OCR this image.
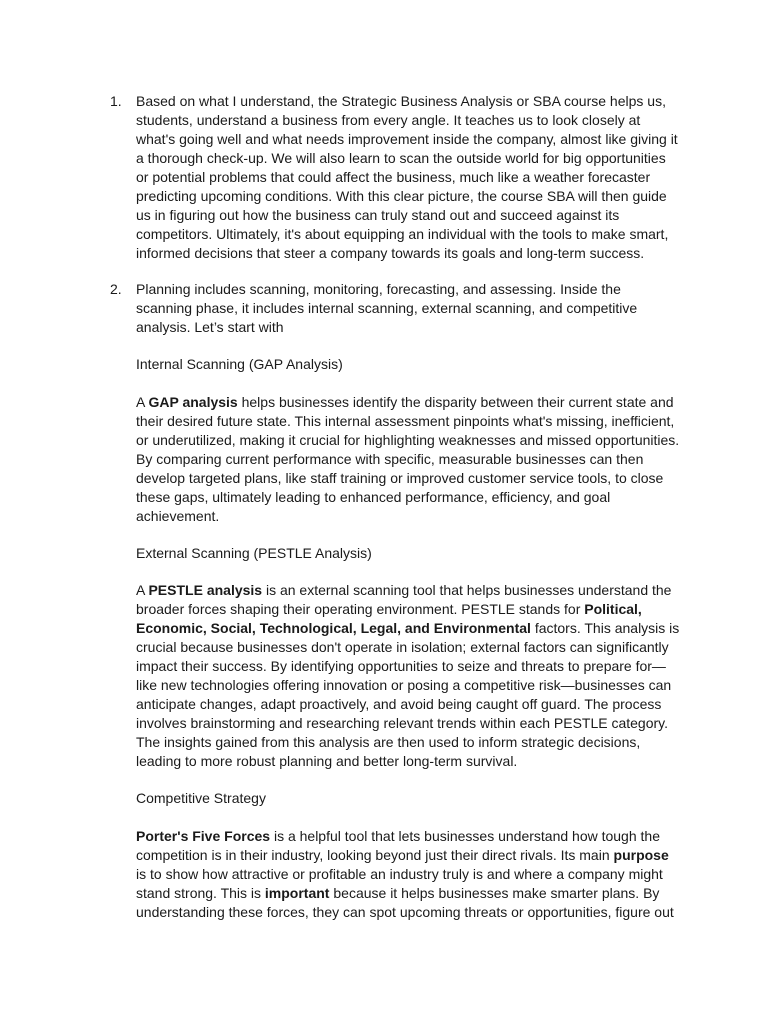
1.	Based on what I understand, the Strategic Business Analysis or SBA course helps us, students, understand a business from every angle. It teaches us to look closely at what's going well and what needs improvement inside the company, almost like giving it a thorough check-up. We will also learn to scan the outside world for big opportunities or potential problems that could affect the business, much like a weather forecaster predicting upcoming conditions. With this clear picture, the course SBA will then guide us in figuring out how the business can truly stand out and succeed against its competitors. Ultimately, it's about equipping an individual with the tools to make smart, informed decisions that steer a company towards its goals and long-term success.
2.	Planning includes scanning, monitoring, forecasting, and assessing. Inside the scanning phase, it includes internal scanning, external scanning, and competitive analysis. Let’s start with

Internal Scanning (GAP Analysis)

A GAP analysis helps businesses identify the disparity between their current state and their desired future state. This internal assessment pinpoints what's missing, inefficient, or underutilized, making it crucial for highlighting weaknesses and missed opportunities. By comparing current performance with specific, measurable businesses can then develop targeted plans, like staff training or improved customer service tools, to close these gaps, ultimately leading to enhanced performance, efficiency, and goal achievement.

External Scanning (PESTLE Analysis)

A PESTLE analysis is an external scanning tool that helps businesses understand the broader forces shaping their operating environment. PESTLE stands for Political, Economic, Social, Technological, Legal, and Environmental factors. This analysis is crucial because businesses don't operate in isolation; external factors can significantly impact their success. By identifying opportunities to seize and threats to prepare for—like new technologies offering innovation or posing a competitive risk—businesses can anticipate changes, adapt proactively, and avoid being caught off guard. The process involves brainstorming and researching relevant trends within each PESTLE category. The insights gained from this analysis are then used to inform strategic decisions, leading to more robust planning and better long-term survival.

Competitive Strategy

Porter's Five Forces is a helpful tool that lets businesses understand how tough the competition is in their industry, looking beyond just their direct rivals. Its main purpose is to show how attractive or profitable an industry truly is and where a company might stand strong. This is important because it helps businesses make smarter plans. By understanding these forces, they can spot upcoming threats or opportunities, figure out
